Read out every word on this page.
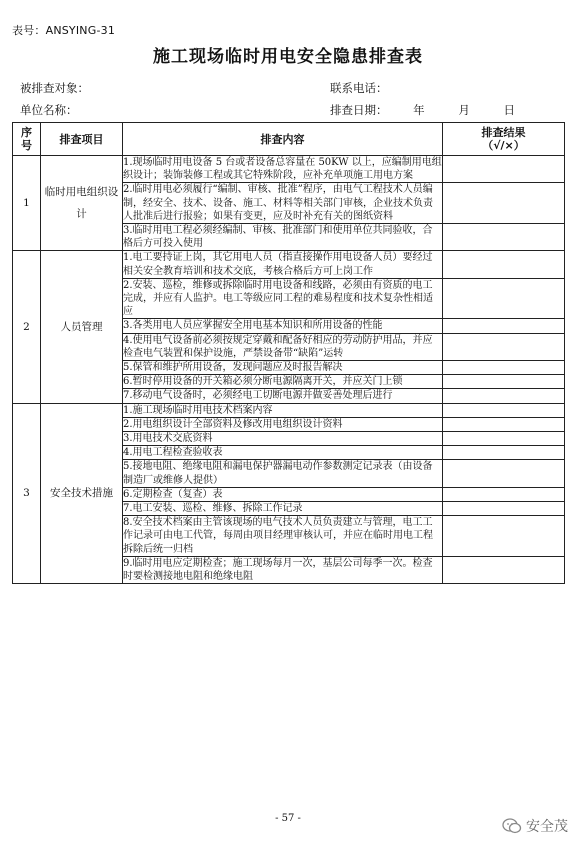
表号：ANSYING-31
施工现场临时用电安全隐患排查表
被排查对象：	联系电话：
单位名称：	排查日期： 年	月	日
序号	排查项目	排查内容	排查结果
（√/×）

1	临时用电组织设计	1.现场临时用电设备 5 台或者设备总容量在 50KW 以上，应编制用电组织设计；装饰装修工程或其它特殊阶段，应补充单项施工用电方案	
		2.临时用电必须履行“编制、审核、批准”程序，由电气工程技术人员编制，经安全、技术、设备、施工、材料等相关部门审核，企业技术负责人批准后进行报验；如果有变更，应及时补充有关的图纸资料	
		3.临时用电工程必须经编制、审核、批准部门和使用单位共同验收，合格后方可投入使用	
2	人员管理	1.电工要持证上岗，其它用电人员（指直接操作用电设备人员）要经过相关安全教育培训和技术交底，考核合格后方可上岗工作	
		2.安装、巡检，维修或拆除临时用电设备和线路，必须由有资质的电工完成，并应有人监护。电工等级应同工程的难易程度和技术复杂性相适应	
		3.各类用电人员应掌握安全用电基本知识和所用设备的性能	
		4.使用电气设备前必须按规定穿戴和配备好相应的劳动防护用品，并应检查电气装置和保护设施，严禁设备带“缺陷”运转	
		5.保管和维护所用设备，发现问题应及时报告解决	
		6.暂时停用设备的开关箱必须分断电源隔离开关，并应关门上锁	
		7.移动电气设备时，必须经电工切断电源并做妥善处理后进行	
3	安全技术措施	1.施工现场临时用电技术档案内容	
		2.用电组织设计全部资料及修改用电组织设计资料	
		3.用电技术交底资料	
		4.用电工程检查验收表	
		5.接地电阻、绝缘电阻和漏电保护器漏电动作参数测定记录表（由设备制造厂或维修人提供）	
		6.定期检查（复查）表	
		7.电工安装、巡检、维修、拆除工作记录	
		8.安全技术档案由主管该现场的电气技术人员负责建立与管理，电工工作记录可由电工代管，每周由项目经理审核认可，并应在临时用电工程拆除后统一归档	
		9.临时用电应定期检查；施工现场每月一次，基层公司每季一次。检查时要检测接地电阻和绝缘电阻	
- 57 -
安全茂
